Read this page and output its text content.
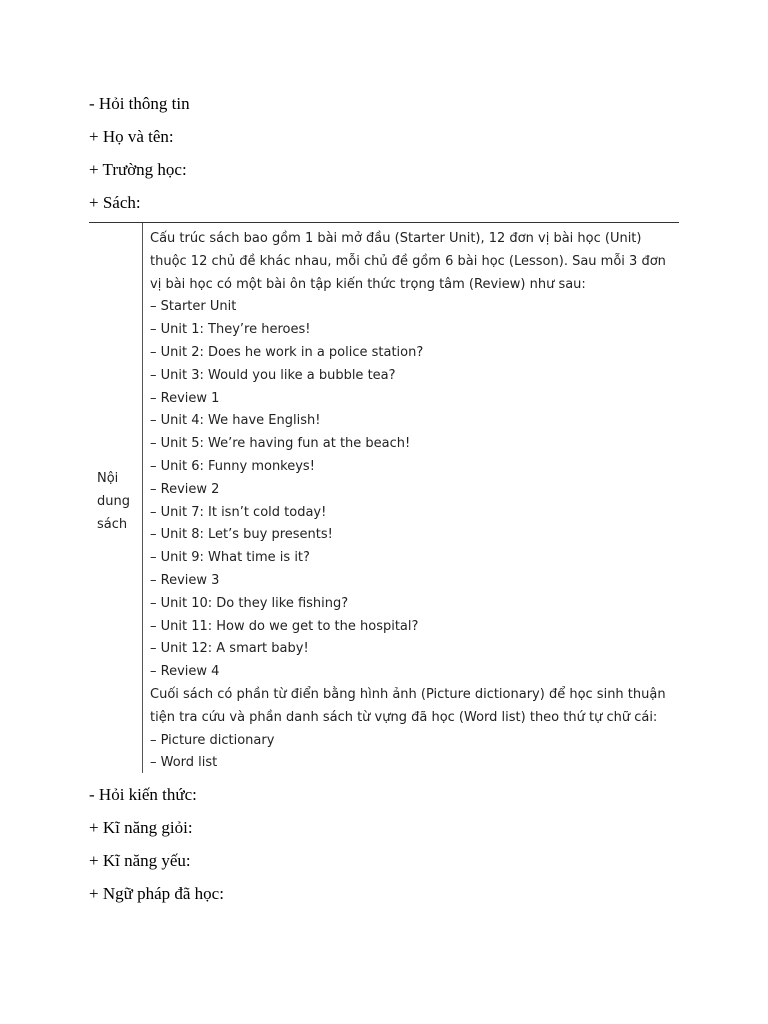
- Hỏi thông tin
+ Họ và tên:
+ Trường học:
+ Sách:
Nội
dung
sách

Cấu trúc sách bao gồm 1 bài mở đầu (Starter Unit), 12 đơn vị bài học (Unit)

thuộc 12 chủ đề khác nhau, mỗi chủ đề gồm 6 bài học (Lesson). Sau mỗi 3 đơn

vị bài học có một bài ôn tập kiến thức trọng tâm (Review) như sau:

– Starter Unit

– Unit 1: They’re heroes!

– Unit 2: Does he work in a police station?

– Unit 3: Would you like a bubble tea?

– Review 1

– Unit 4: We have English!

– Unit 5: We’re having fun at the beach!

– Unit 6: Funny monkeys!

– Review 2

– Unit 7: It isn’t cold today!

– Unit 8: Let’s buy presents!

– Unit 9: What time is it?

– Review 3

– Unit 10: Do they like fishing?

– Unit 11: How do we get to the hospital?

– Unit 12: A smart baby!

– Review 4

Cuối sách có phần từ điển bằng hình ảnh (Picture dictionary) để học sinh thuận

tiện tra cứu và phần danh sách từ vựng đã học (Word list) theo thứ tự chữ cái:

– Picture dictionary

– Word list

- Hỏi kiến thức:
+ Kĩ năng giỏi:
+ Kĩ năng yếu:
+ Ngữ pháp đã học:
